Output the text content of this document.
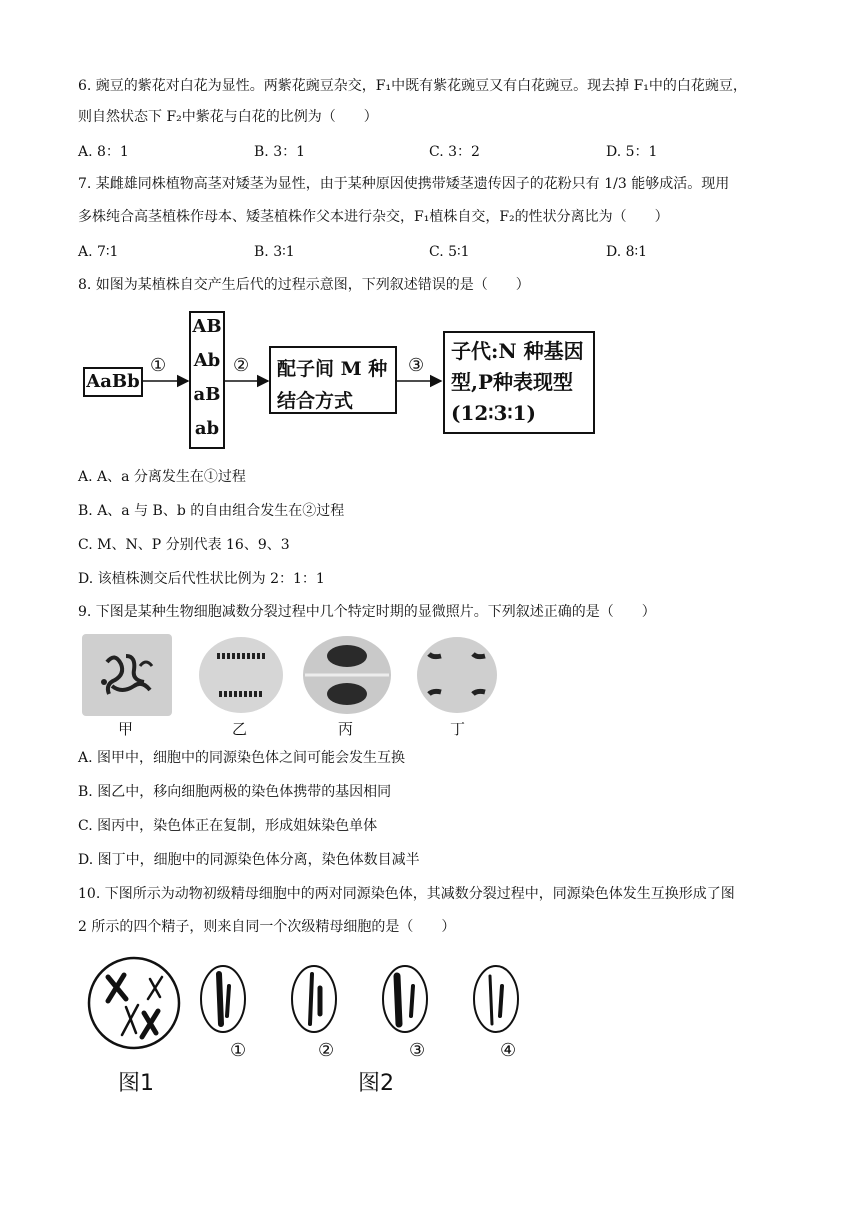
6. 豌豆的紫花对白花为显性。两紫花豌豆杂交，F₁中既有紫花豌豆又有白花豌豆。现去掉 F₁中的白花豌豆，
则自然状态下 F₂中紫花与白花的比例为（　　）
A. 8：1	B. 3：1	C. 3：2	D. 5：1
7. 某雌雄同株植物高茎对矮茎为显性，由于某种原因使携带矮茎遗传因子的花粉只有 1/3 能够成活。现用
多株纯合高茎植株作母本、矮茎植株作父本进行杂交，F₁植株自交，F₂的性状分离比为（　　）
A. 7∶1	B. 3∶1	C. 5∶1	D. 8∶1
8. 如图为某植株自交产生后代的过程示意图，下列叙述错误的是（　　）
AaBb
①
AB
Ab
aB
ab
② 配子间 M 种
结合方式
③
子代:N 种基因
型,P种表现型
(12∶3∶1)
A. A、a 分离发生在①过程
B. A、a 与 B、b 的自由组合发生在②过程
C. M、N、P 分别代表 16、9、3
D. 该植株测交后代性状比例为 2：1：1
9. 下图是某种生物细胞减数分裂过程中几个特定时期的显微照片。下列叙述正确的是（　　）
甲	乙	丙	丁
A. 图甲中，细胞中的同源染色体之间可能会发生互换
B. 图乙中，移向细胞两极的染色体携带的基因相同
C. 图丙中，染色体正在复制，形成姐妹染色单体
D. 图丁中，细胞中的同源染色体分离，染色体数目减半
10. 下图所示为动物初级精母细胞中的两对同源染色体，其减数分裂过程中，同源染色体发生互换形成了图
2 所示的四个精子，则来自同一个次级精母细胞的是（　　）
①	②	③	④
图1	图2
